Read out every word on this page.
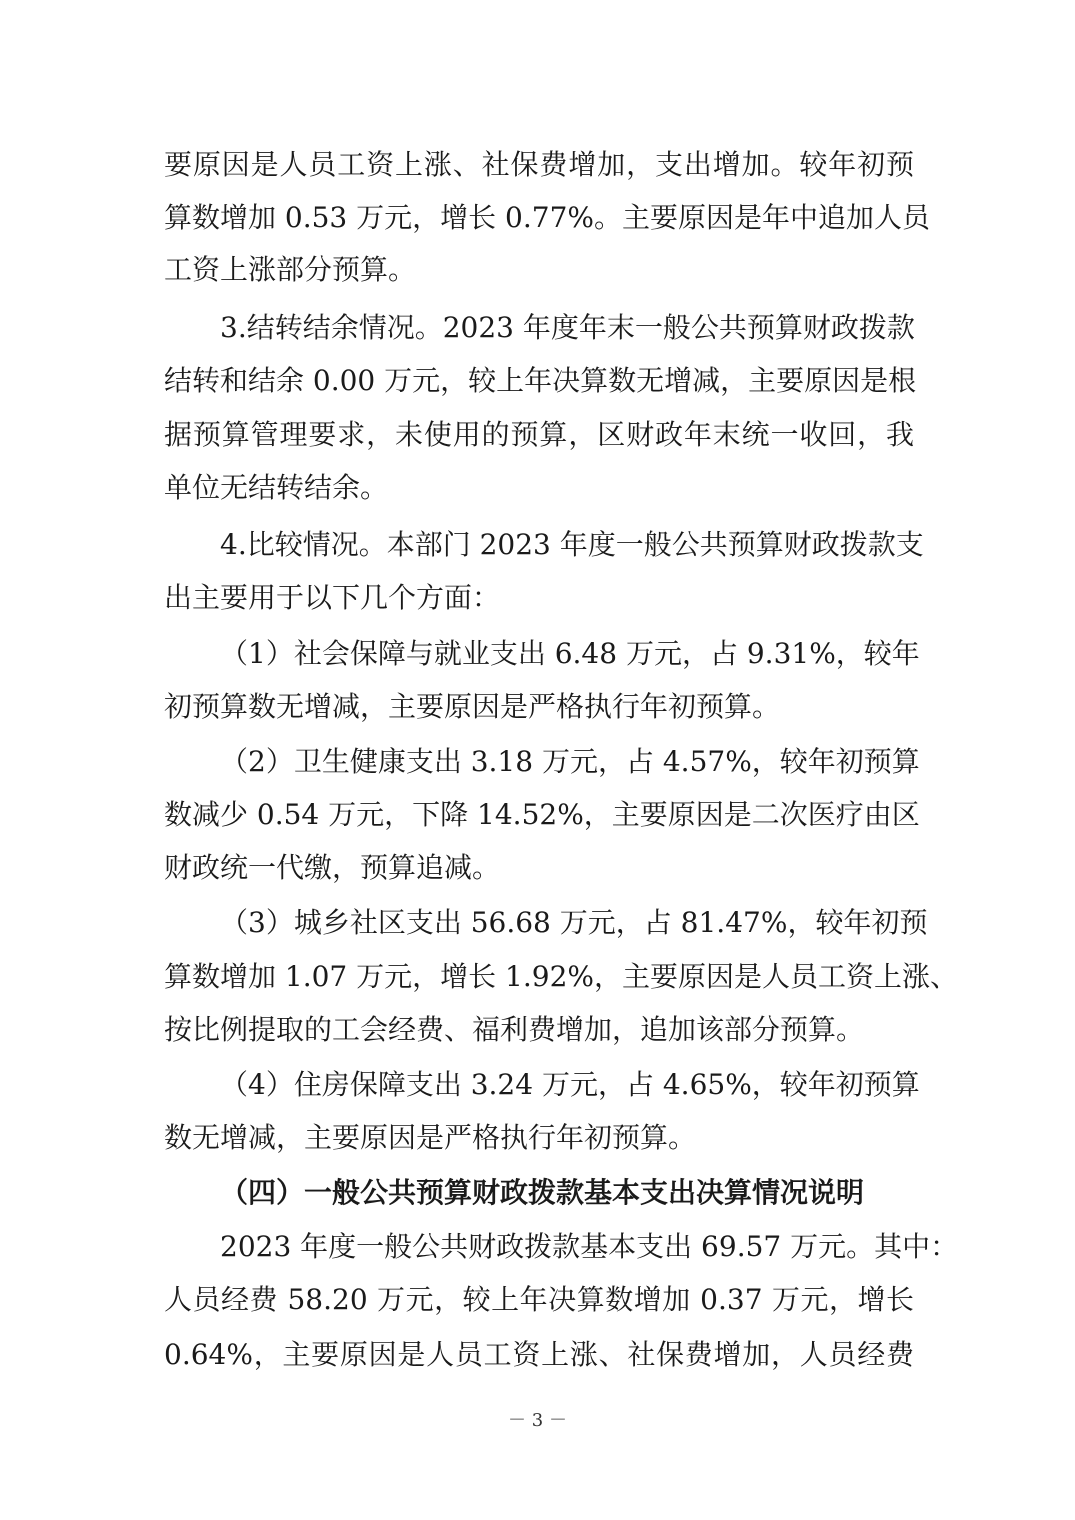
要原因是人员工资上涨、社保费增加，支出增加。较年初预
算数增加 0.53 万元，增长 0.77%。主要原因是年中追加人员
工资上涨部分预算。
3.结转结余情况。2023 年度年末一般公共预算财政拨款
结转和结余 0.00 万元，较上年决算数无增减，主要原因是根
据预算管理要求，未使用的预算，区财政年末统一收回，我
单位无结转结余。
4.比较情况。本部门 2023 年度一般公共预算财政拨款支
出主要用于以下几个方面：
（1）社会保障与就业支出 6.48 万元，占 9.31%，较年
初预算数无增减，主要原因是严格执行年初预算。
（2）卫生健康支出 3.18 万元，占 4.57%，较年初预算
数减少 0.54 万元，下降 14.52%，主要原因是二次医疗由区
财政统一代缴，预算追减。
（3）城乡社区支出 56.68 万元，占 81.47%，较年初预
算数增加 1.07 万元，增长 1.92%，主要原因是人员工资上涨、
按比例提取的工会经费、福利费增加，追加该部分预算。
（4）住房保障支出 3.24 万元，占 4.65%，较年初预算
数无增减，主要原因是严格执行年初预算。
（四）一般公共预算财政拨款基本支出决算情况说明
2023 年度一般公共财政拨款基本支出 69.57 万元。其中：
人员经费 58.20 万元，较上年决算数增加 0.37 万元，增长
0.64%，主要原因是人员工资上涨、社保费增加，人员经费
－ 3 －
